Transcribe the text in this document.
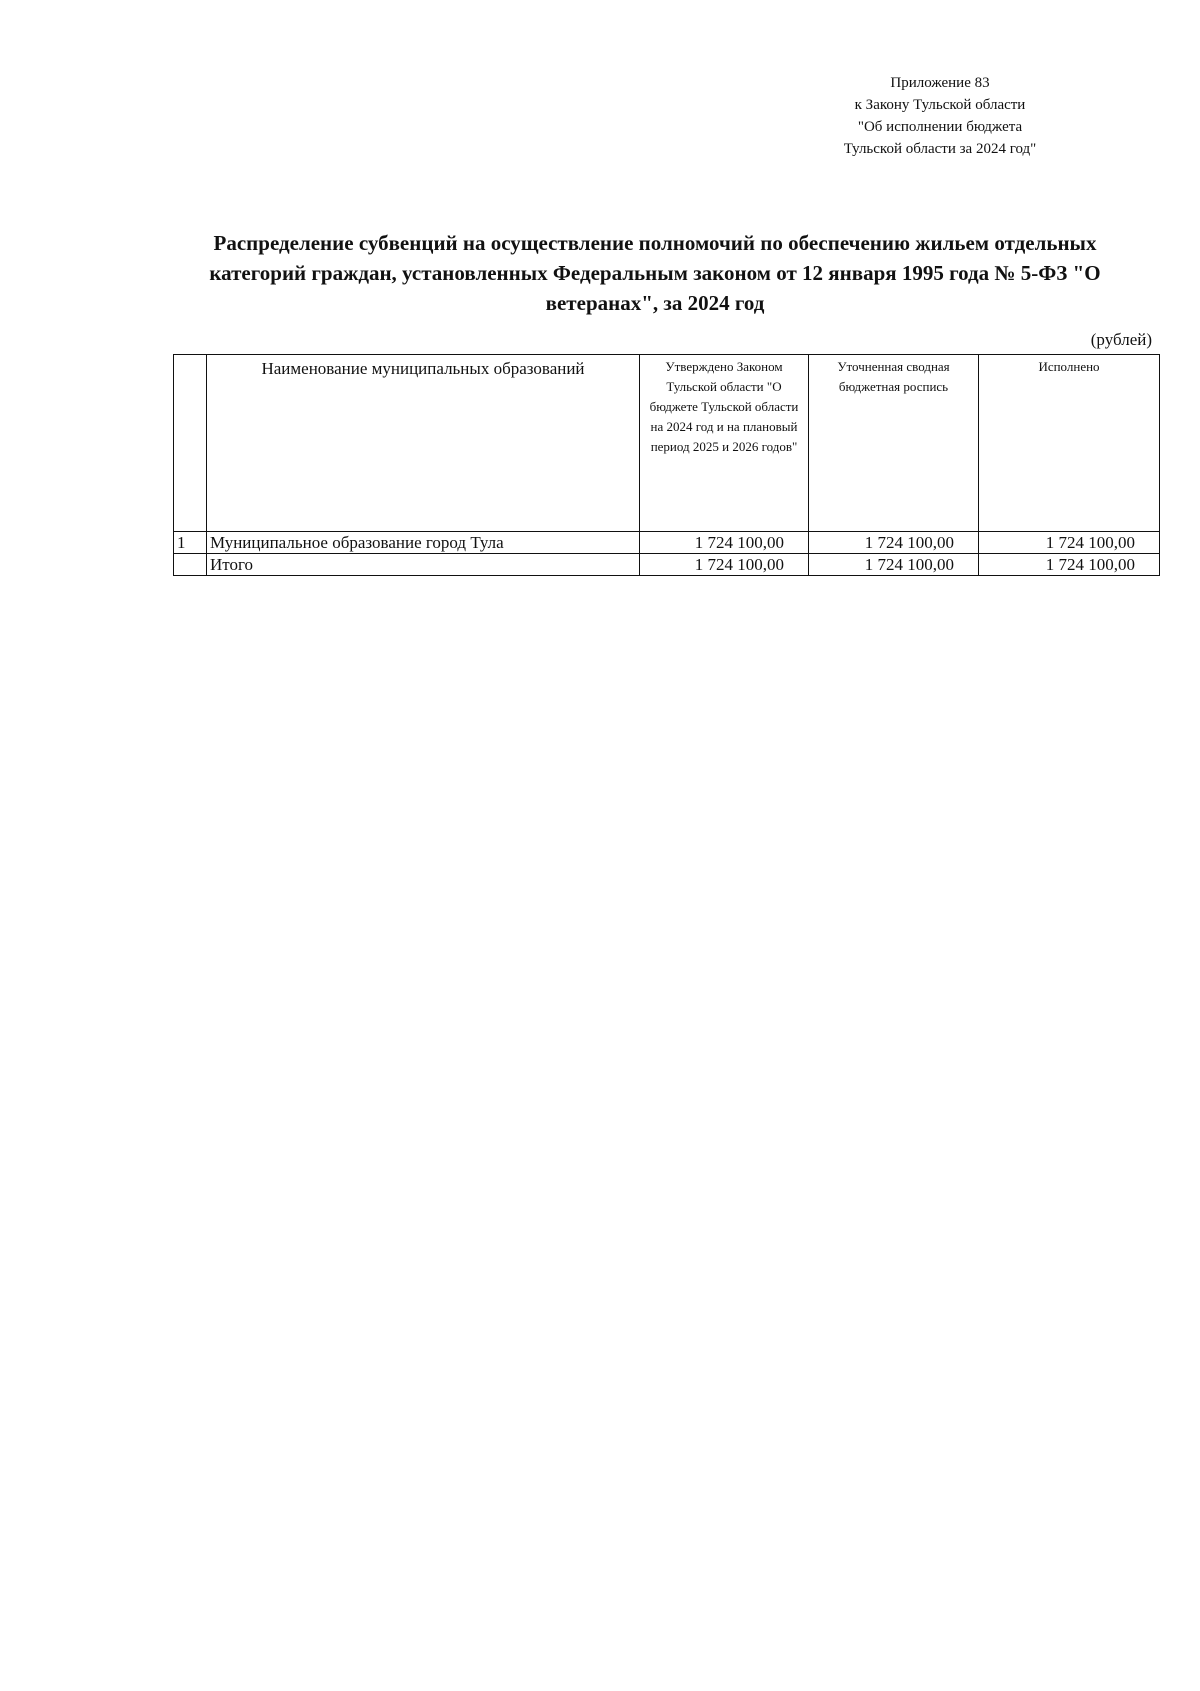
Приложение 83
к Закону Тульской области
"Об исполнении бюджета
Тульской области за 2024 год"
Распределение субвенций на осуществление полномочий по обеспечению жильем отдельных
категорий граждан, установленных Федеральным законом от 12 января 1995 года № 5-ФЗ "О
ветеранах", за 2024 год
(рублей)
	Наименование муниципальных образований	Утверждено Законом Тульской области "О бюджете Тульской области на 2024 год и на плановый период 2025 и 2026 годов"	Уточненная сводная бюджетная роспись	Исполнено
1	Муниципальное образование город Тула	1 724 100,00	1 724 100,00	1 724 100,00
	Итого	1 724 100,00	1 724 100,00	1 724 100,00
